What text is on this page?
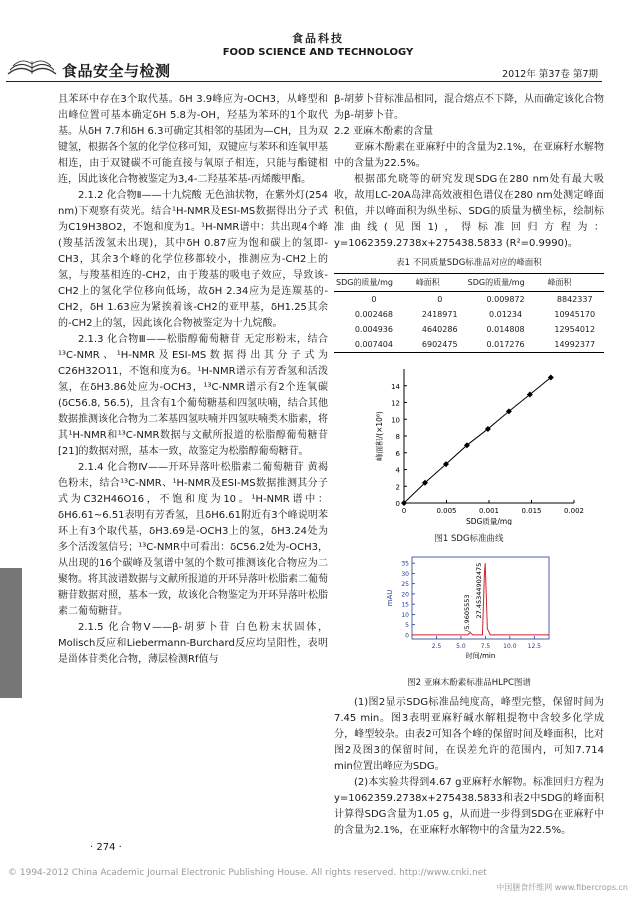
食品安全与检测
食品科技
FOOD SCIENCE AND TECHNOLOGY
2012年 第37卷 第7期

且苯环中存在3个取代基。δH 3.9峰应为-OCH3，从峰型和出峰位置可基本确定δH 5.8为-OH，羟基为苯环的1个取代基。从δH 7.7和δH 6.3可确定其相邻的基团为—CH，且为双键氢，根据各个氢的化学位移可知，双键应与苯环和连氧甲基相连，由于双键碳不可能直接与氧原子相连，只能与酯键相连，因此该化合物被鉴定为3,4-二羟基苯基-丙烯酸甲酯。

2.1.2 化合物Ⅱ——十九烷酸 无色油状物，在紫外灯(254 nm)下观察有荧光。结合¹H-NMR及ESI-MS数据得出分子式为C19H38O2，不饱和度为1。¹H-NMR谱中：共出现4个峰(羧基活泼氢未出现)，其中δH 0.87应为饱和碳上的氢即-CH3，其余3个峰的化学位移都较小，推测应为-CH2上的氢，与羧基相连的-CH2，由于羧基的吸电子效应，导致该-CH2上的氢化学位移向低场，故δH 2.34应为是连羰基的-CH2，δH 1.63应为紧挨着该-CH2的亚甲基，δH1.25其余的-CH2上的氢，因此该化合物被鉴定为十九烷酸。

2.1.3 化合物Ⅲ——松脂醇葡萄糖苷 无定形粉末，结合¹³C-NMR、¹H-NMR及ESI-MS数据得出其分子式为C26H32O11，不饱和度为6。¹H-NMR谱示有芳香氢和活泼氢，在δH3.86处应为-OCH3，¹³C-NMR谱示有2个连氧碳(δC56.8, 56.5)，且含有1个葡萄糖基和四氢呋喃，结合其他数据推测该化合物为二苯基四氢呋喃并四氢呋喃类木脂素，将其¹H-NMR和¹³C-NMR数据与文献所报道的松脂醇葡萄糖苷[21]的数据对照，基本一致，故鉴定为松脂醇葡萄糖苷。

2.1.4 化合物Ⅳ——开环异落叶松脂素二葡萄糖苷 黄褐色粉末，结合¹³C-NMR、¹H-NMR及ESI-MS数据推测其分子式为C32H46O16，不饱和度为10。¹H-NMR谱中：δH6.61~6.51表明有芳香氢，且δH6.61附近有3个峰说明苯环上有3个取代基，δH3.69是-OCH3上的氢，δH3.24处为多个活泼氢信号；¹³C-NMR中可看出：δC56.2处为-OCH3，从出现的16个碳峰及氢谱中氢的个数可推测该化合物应为二聚物。将其波谱数据与文献所报道的开环异落叶松脂素二葡萄糖苷数据对照，基本一致，故该化合物鉴定为开环异落叶松脂素二葡萄糖苷。

2.1.5 化合物Ⅴ——β-胡萝卜苷 白色粉末状固体，Molisch反应和Liebermann-Burchard反应均呈阳性，表明是甾体苷类化合物，薄层检测Rf值与

· 274 ·

β-胡萝卜苷标准品相同，混合熔点不下降，从而确定该化合物为β-胡萝卜苷。

2.2 亚麻木酚素的含量

亚麻木酚素在亚麻籽中的含量为2.1%，在亚麻籽水解物中的含量为22.5%。

根据邵允晓等的研究发现SDG在280 nm处有最大吸收，故用LC-20A岛津高效液相色谱仪在280 nm处测定峰面积值，并以峰面积为纵坐标、SDG的质量为横坐标，绘制标准曲线(见图1)，得标准回归方程为：y=1062359.2738x+275438.5833 (R²=0.9990)。

表1 不同质量SDG标准品对应的峰面积
SDG的质量/mg	峰面积	SDG的质量/mg	峰面积
0	0	0.009872	8842337
0.002468	2418971	0.01234	10945170
0.004936	4640286	0.014808	12954012
0.007404	6902475	0.017276	14992377
0
2
4
6
8
10
12
14
0	0.005	0.001	0.015	0.002
SDG质量/mg
峰面积/(×10⁶)
图1 SDG标准曲线
0
5
10
15
20
25
30
35
2.5 5.0 7.5 10.0 12.5
时间/min
mAU	/5.9605553 27.45344902475
图2 亚麻木酚素标准品HLPC图谱

(1)图2显示SDG标准品纯度高，峰型完整，保留时间为7.45 min。图3表明亚麻籽碱水解粗提物中含较多化学成分，峰型较杂。由表2可知各个峰的保留时间及峰面积，比对图2及图3的保留时间，在误差允许的范围内，可知7.714 min位置出峰应为SDG。

(2)本实验共得到4.67 g亚麻籽水解物。标准回归方程为y=1062359.2738x+275438.5833和表2中SDG的峰面积计算得SDG含量为1.05 g，从而进一步得到SDG在亚麻籽中的含量为2.1%，在亚麻籽水解物中的含量为22.5%。

© 1994-2012 China Academic Journal Electronic Publishing House. All rights reserved. http://www.cnki.net
中国膳食纤维网 www.fibercrops.cn
